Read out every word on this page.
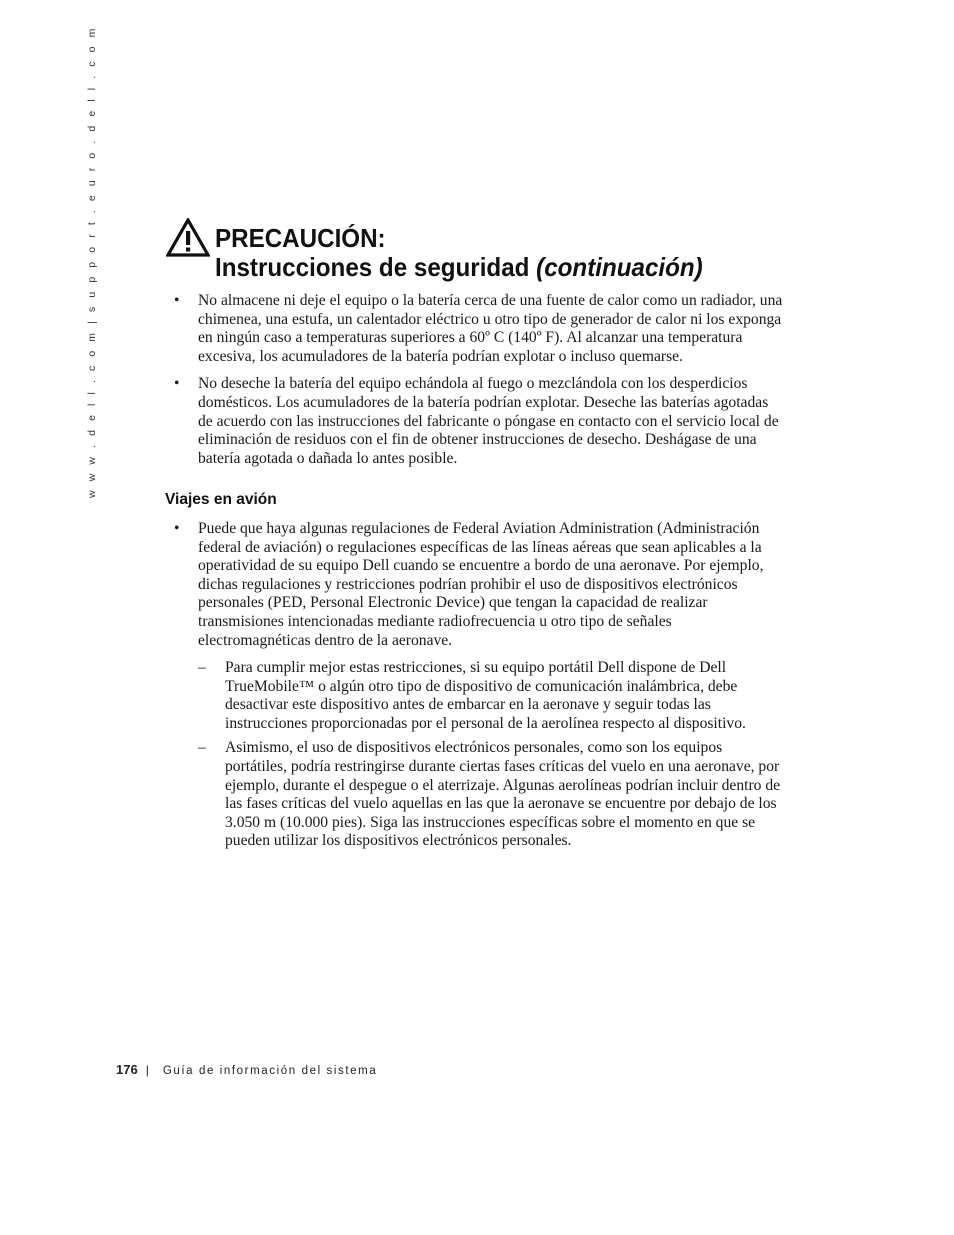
w w w . d e l l . c o m | s u p p o r t . e u r o . d e l l . c o m	PRECAUCIÓN:
Instrucciones de seguridad (continuación)
• No almacene ni deje el equipo o la batería cerca de una fuente de calor como un radiador, una chimenea, una estufa, un calentador eléctrico u otro tipo de generador de calor ni los exponga en ningún caso a temperaturas superiores a 60º C (140º F). Al alcanzar una temperatura excesiva, los acumuladores de la batería podrían explotar o incluso quemarse.
• No deseche la batería del equipo echándola al fuego o mezclándola con los desperdicios domésticos. Los acumuladores de la batería podrían explotar. Deseche las baterías agotadas de acuerdo con las instrucciones del fabricante o póngase en contacto con el servicio local de eliminación de residuos con el fin de obtener instrucciones de desecho. Deshágase de una batería agotada o dañada lo antes posible.
Viajes en avión
• Puede que haya algunas regulaciones de Federal Aviation Administration (Administración federal de aviación) o regulaciones específicas de las líneas aéreas que sean aplicables a la operatividad de su equipo Dell cuando se encuentre a bordo de una aeronave. Por ejemplo, dichas regulaciones y restricciones podrían prohibir el uso de dispositivos electrónicos personales (PED, Personal Electronic Device) que tengan la capacidad de realizar transmisiones intencionadas mediante radiofrecuencia u otro tipo de señales electromagnéticas dentro de la aeronave.
– Para cumplir mejor estas restricciones, si su equipo portátil Dell dispone de Dell TrueMobile™ o algún otro tipo de dispositivo de comunicación inalámbrica, debe desactivar este dispositivo antes de embarcar en la aeronave y seguir todas las instrucciones proporcionadas por el personal de la aerolínea respecto al dispositivo.
– Asimismo, el uso de dispositivos electrónicos personales, como son los equipos portátiles, podría restringirse durante ciertas fases críticas del vuelo en una aeronave, por ejemplo, durante el despegue o el aterrizaje. Algunas aerolíneas podrían incluir dentro de las fases críticas del vuelo aquellas en las que la aeronave se encuentre por debajo de los 3.050 m (10.000 pies). Siga las instrucciones específicas sobre el momento en que se pueden utilizar los dispositivos electrónicos personales.
176 | Guía de información del sistema
